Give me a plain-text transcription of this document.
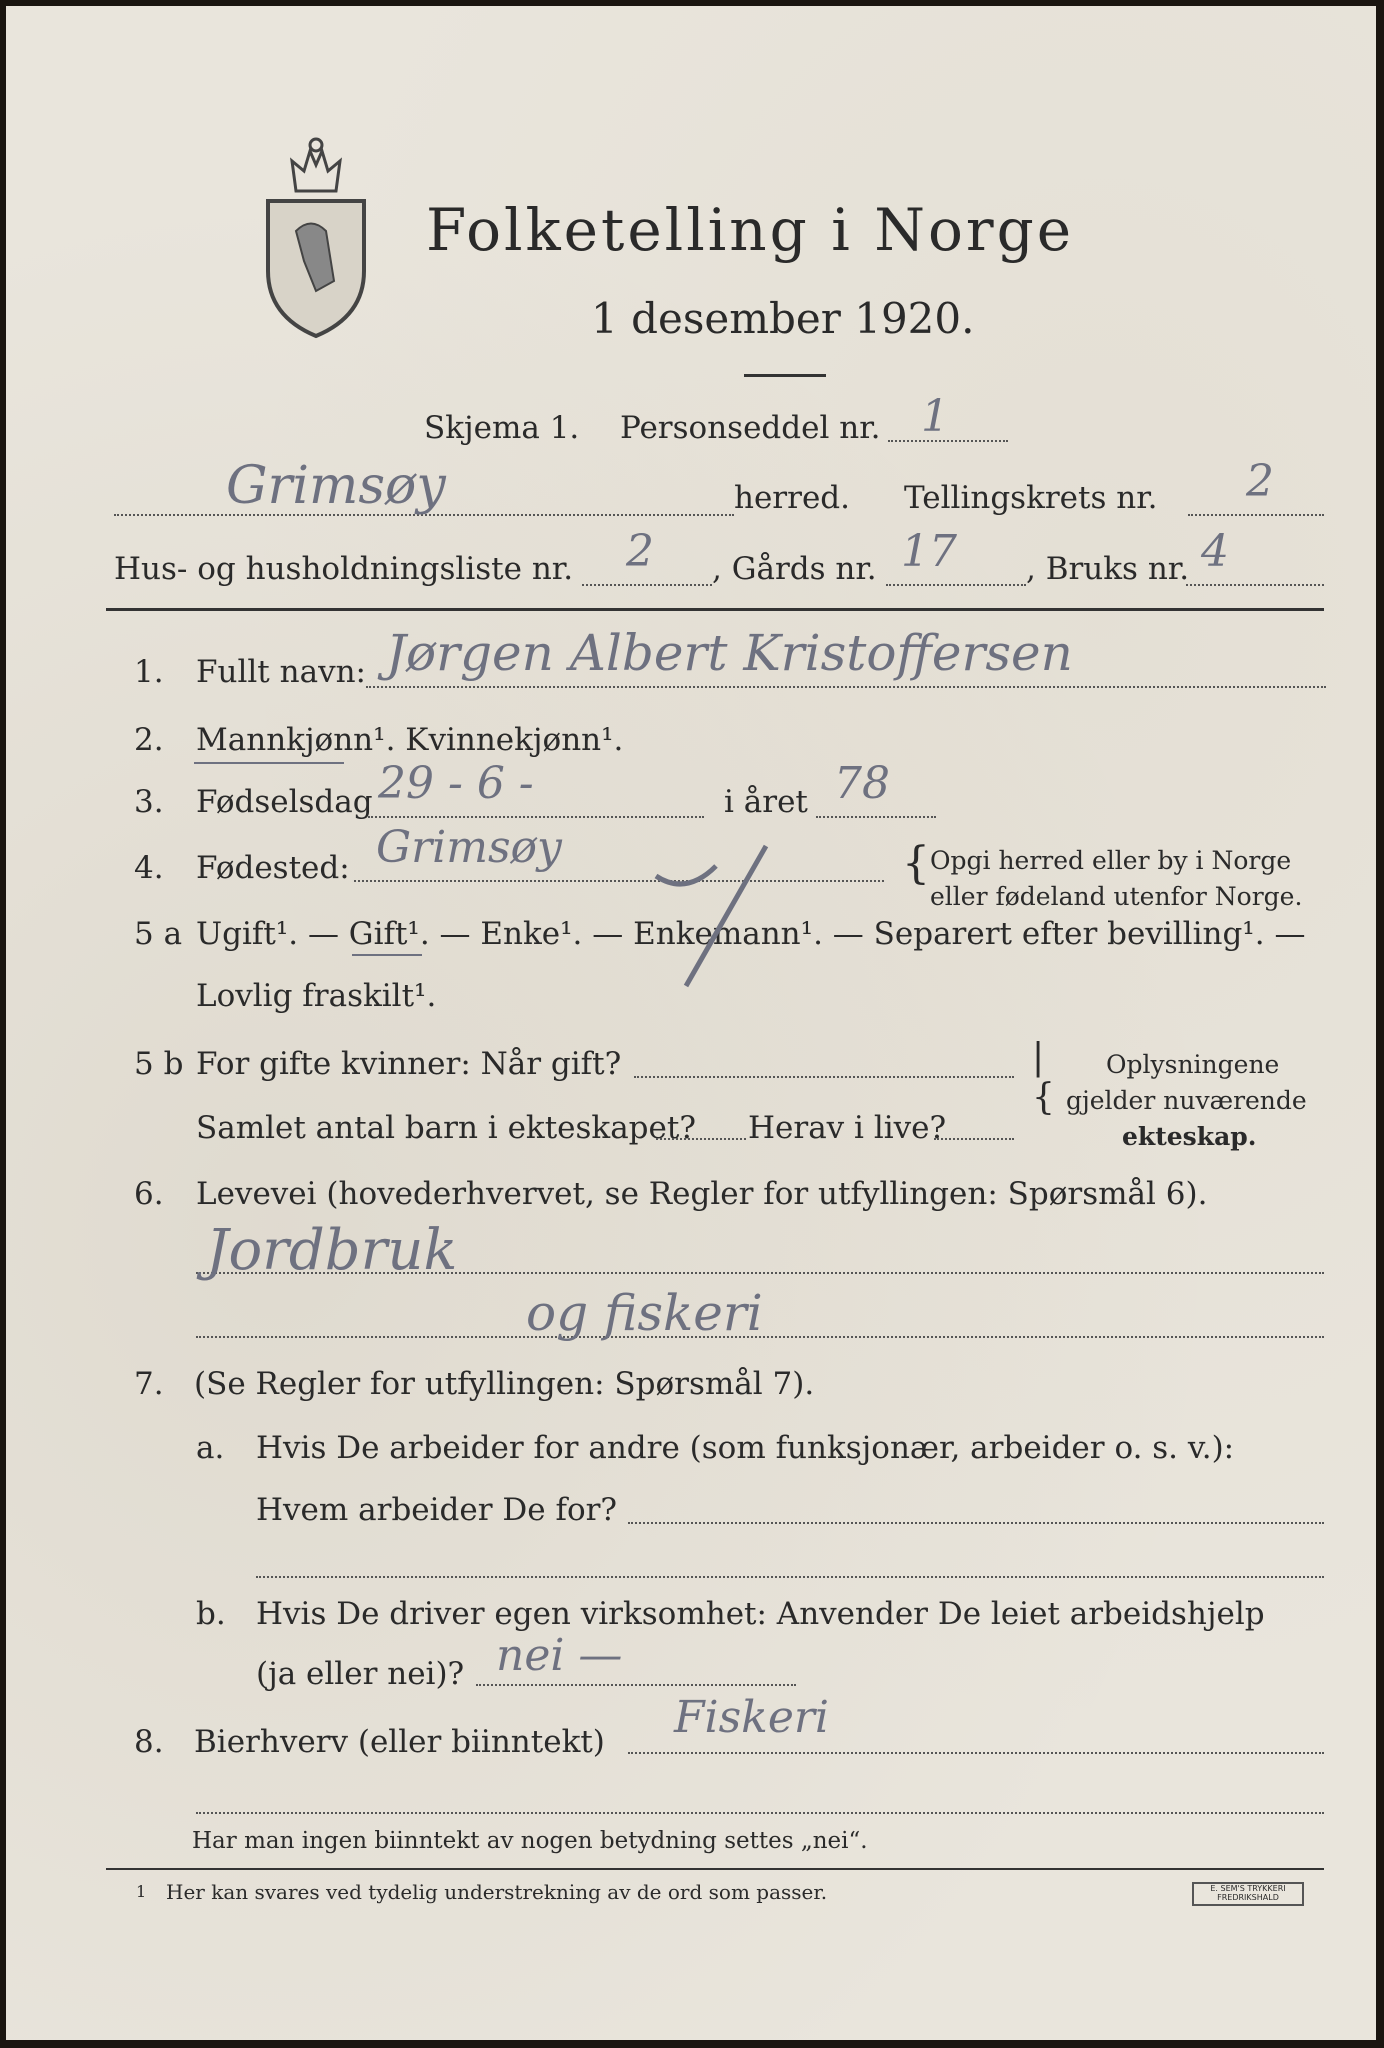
Folketelling i Norge
1 desember 1920.
Skjema 1. Personseddel nr. 1
Grimsøy	herred. Tellingskrets nr. 2
Hus- og husholdningsliste nr. 2 , Gårds nr. 17 , Bruks nr. 4
1. Fullt navn: Jørgen Albert Kristoffersen
2. Mannkjønn¹. Kvinnekjønn¹.
3. Fødselsdag 29 - 6 -	i året 78
4. Fødested: Grimsøy	{ Opgi herred eller by i Norge
eller fødeland utenfor Norge.
5 a Ugift¹. — Gift¹. — Enke¹. — Enkemann¹. — Separert efter bevilling¹. —
Lovlig fraskilt¹.
5 b For gifte kvinner: Når gift?
Samlet antal barn i ekteskapet? Herav i live?
|
{
Oplysningene
gjelder nuværende
ekteskap.
6. Levevei (hovederhvervet, se Regler for utfyllingen: Spørsmål 6).
Jordbruk
og fiskeri
7. (Se Regler for utfyllingen: Spørsmål 7).
a. Hvis De arbeider for andre (som funksjonær, arbeider o. s. v.):
Hvem arbeider De for?
b. Hvis De driver egen virksomhet: Anvender De leiet arbeidshjelp
(ja eller nei)? nei —
8. Bierhverv (eller biinntekt) Fiskeri
Har man ingen biinntekt av nogen betydning settes „nei“.
1 Her kan svares ved tydelig understrekning av de ord som passer.	E. SEM'S TRYKKERI
FREDRIKSHALD
